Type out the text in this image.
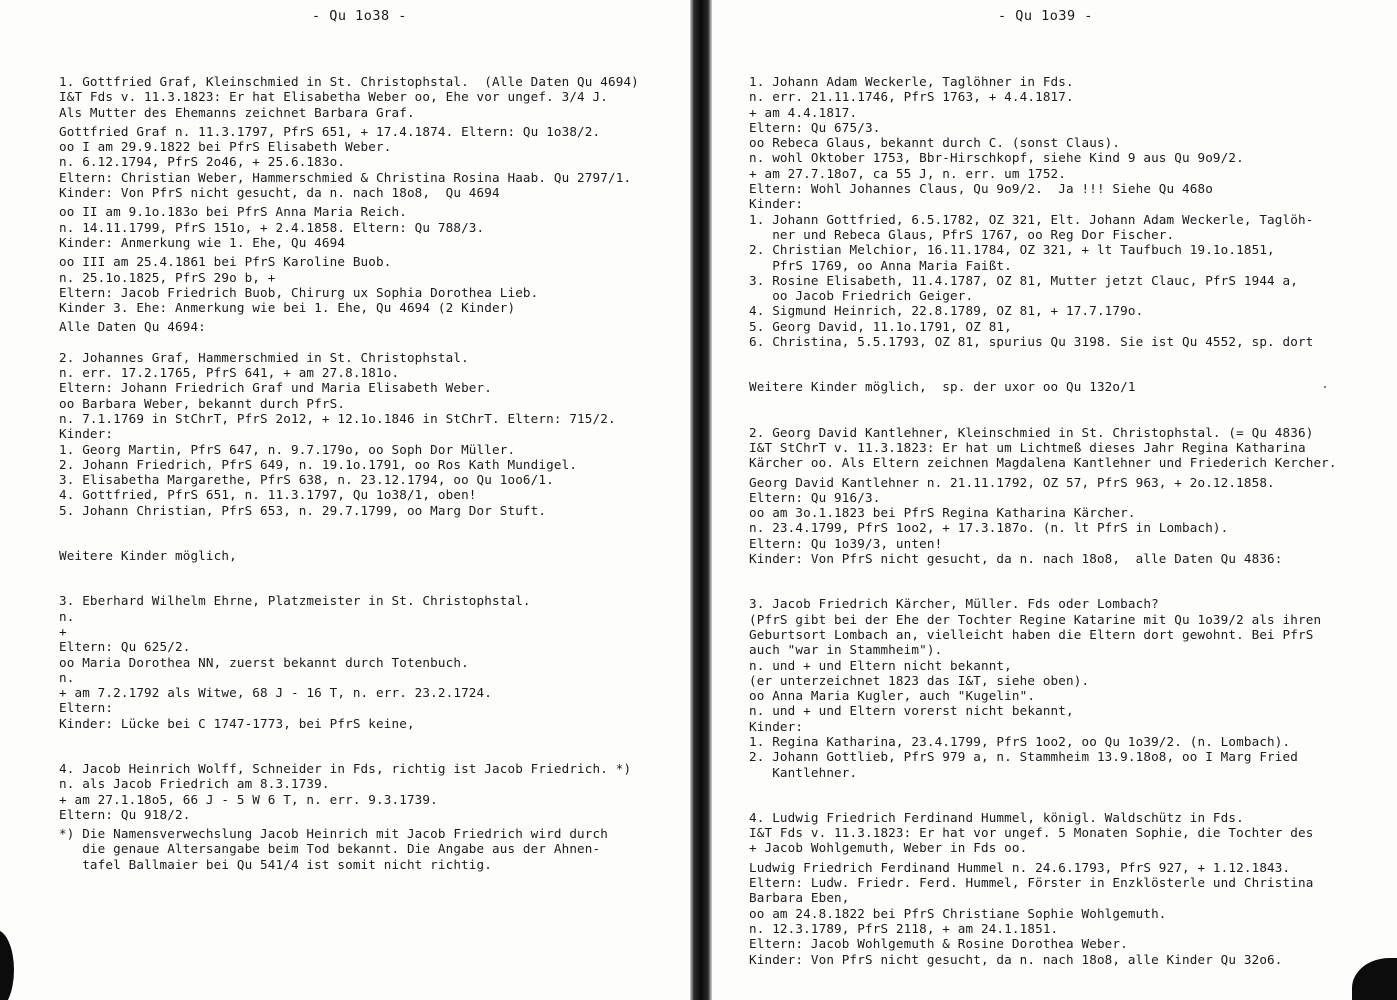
- Qu 1o38 -
1. Gottfried Graf, Kleinschmied in St. Christophstal.  (Alle Daten Qu 4694)
I&T Fds v. 11.3.1823: Er hat Elisabetha Weber oo, Ehe vor ungef. 3/4 J.
Als Mutter des Ehemanns zeichnet Barbara Graf.
Gottfried Graf n. 11.3.1797, PfrS 651, + 17.4.1874. Eltern: Qu 1o38/2.
oo I am 29.9.1822 bei PfrS Elisabeth Weber.
n. 6.12.1794, PfrS 2o46, + 25.6.183o.
Eltern: Christian Weber, Hammerschmied & Christina Rosina Haab. Qu 2797/1.
Kinder: Von PfrS nicht gesucht, da n. nach 18o8,  Qu 4694
oo II am 9.1o.183o bei PfrS Anna Maria Reich.
n. 14.11.1799, PfrS 151o, + 2.4.1858. Eltern: Qu 788/3.
Kinder: Anmerkung wie 1. Ehe, Qu 4694
oo III am 25.4.1861 bei PfrS Karoline Buob.
n. 25.1o.1825, PfrS 29o b, +
Eltern: Jacob Friedrich Buob, Chirurg ux Sophia Dorothea Lieb.
Kinder 3. Ehe: Anmerkung wie bei 1. Ehe, Qu 4694 (2 Kinder)
Alle Daten Qu 4694:
2. Johannes Graf, Hammerschmied in St. Christophstal.
n. err. 17.2.1765, PfrS 641, + am 27.8.181o.
Eltern: Johann Friedrich Graf und Maria Elisabeth Weber.
oo Barbara Weber, bekannt durch PfrS.
n. 7.1.1769 in StChrT, PfrS 2o12, + 12.1o.1846 in StChrT. Eltern: 715/2.
Kinder:
1. Georg Martin, PfrS 647, n. 9.7.179o, oo Soph Dor Müller.
2. Johann Friedrich, PfrS 649, n. 19.1o.1791, oo Ros Kath Mundigel.
3. Elisabetha Margarethe, PfrS 638, n. 23.12.1794, oo Qu 1oo6/1.
4. Gottfried, PfrS 651, n. 11.3.1797, Qu 1o38/1, oben!
5. Johann Christian, PfrS 653, n. 29.7.1799, oo Marg Dor Stuft.
Weitere Kinder möglich,
3. Eberhard Wilhelm Ehrne, Platzmeister in St. Christophstal.
n.
+
Eltern: Qu 625/2.
oo Maria Dorothea NN, zuerst bekannt durch Totenbuch.
n.
+ am 7.2.1792 als Witwe, 68 J - 16 T, n. err. 23.2.1724.
Eltern:
Kinder: Lücke bei C 1747-1773, bei PfrS keine,
4. Jacob Heinrich Wolff, Schneider in Fds, richtig ist Jacob Friedrich. *)
n. als Jacob Friedrich am 8.3.1739.
+ am 27.1.18o5, 66 J - 5 W 6 T, n. err. 9.3.1739.
Eltern: Qu 918/2.
*) Die Namensverwechslung Jacob Heinrich mit Jacob Friedrich wird durch
die genaue Altersangabe beim Tod bekannt. Die Angabe aus der Ahnen-
tafel Ballmaier bei Qu 541/4 ist somit nicht richtig.
- Qu 1o39 -
1. Johann Adam Weckerle, Taglöhner in Fds.
n. err. 21.11.1746, PfrS 1763, + 4.4.1817.
+ am 4.4.1817.
Eltern: Qu 675/3.
oo Rebeca Glaus, bekannt durch C. (sonst Claus).
n. wohl Oktober 1753, Bbr-Hirschkopf, siehe Kind 9 aus Qu 9o9/2.
+ am 27.7.18o7, ca 55 J, n. err. um 1752.
Eltern: Wohl Johannes Claus, Qu 9o9/2.  Ja !!! Siehe Qu 468o
Kinder:
1. Johann Gottfried, 6.5.1782, OZ 321, Elt. Johann Adam Weckerle, Taglöh-
ner und Rebeca Glaus, PfrS 1767, oo Reg Dor Fischer.
2. Christian Melchior, 16.11.1784, OZ 321, + lt Taufbuch 19.1o.1851,
PfrS 1769, oo Anna Maria Faißt.
3. Rosine Elisabeth, 11.4.1787, OZ 81, Mutter jetzt Clauc, PfrS 1944 a,
oo Jacob Friedrich Geiger.
4. Sigmund Heinrich, 22.8.1789, OZ 81, + 17.7.179o.
5. Georg David, 11.1o.1791, OZ 81,
6. Christina, 5.5.1793, OZ 81, spurius Qu 3198. Sie ist Qu 4552, sp. dort
Weitere Kinder möglich,  sp. der uxor oo Qu 132o/1
2. Georg David Kantlehner, Kleinschmied in St. Christophstal. (= Qu 4836)
I&T StChrT v. 11.3.1823: Er hat um Lichtmeß dieses Jahr Regina Katharina
Kärcher oo. Als Eltern zeichnen Magdalena Kantlehner und Friederich Kercher.
Georg David Kantlehner n. 21.11.1792, OZ 57, PfrS 963, + 2o.12.1858.
Eltern: Qu 916/3.
oo am 3o.1.1823 bei PfrS Regina Katharina Kärcher.
n. 23.4.1799, PfrS 1oo2, + 17.3.187o. (n. lt PfrS in Lombach).
Eltern: Qu 1o39/3, unten!
Kinder: Von PfrS nicht gesucht, da n. nach 18o8,  alle Daten Qu 4836:
3. Jacob Friedrich Kärcher, Müller. Fds oder Lombach?
(PfrS gibt bei der Ehe der Tochter Regine Katarine mit Qu 1o39/2 als ihren
Geburtsort Lombach an, vielleicht haben die Eltern dort gewohnt. Bei PfrS
auch "war in Stammheim").
n. und + und Eltern nicht bekannt,
(er unterzeichnet 1823 das I&T, siehe oben).
oo Anna Maria Kugler, auch "Kugelin".
n. und + und Eltern vorerst nicht bekannt,
Kinder:
1. Regina Katharina, 23.4.1799, PfrS 1oo2, oo Qu 1o39/2. (n. Lombach).
2. Johann Gottlieb, PfrS 979 a, n. Stammheim 13.9.18o8, oo I Marg Fried
Kantlehner.
4. Ludwig Friedrich Ferdinand Hummel, königl. Waldschütz in Fds.
I&T Fds v. 11.3.1823: Er hat vor ungef. 5 Monaten Sophie, die Tochter des
+ Jacob Wohlgemuth, Weber in Fds oo.
Ludwig Friedrich Ferdinand Hummel n. 24.6.1793, PfrS 927, + 1.12.1843.
Eltern: Ludw. Friedr. Ferd. Hummel, Förster in Enzklösterle und Christina
Barbara Eben,
oo am 24.8.1822 bei PfrS Christiane Sophie Wohlgemuth.
n. 12.3.1789, PfrS 2118, + am 24.1.1851.
Eltern: Jacob Wohlgemuth & Rosine Dorothea Weber.
Kinder: Von PfrS nicht gesucht, da n. nach 18o8, alle Kinder Qu 32o6.
